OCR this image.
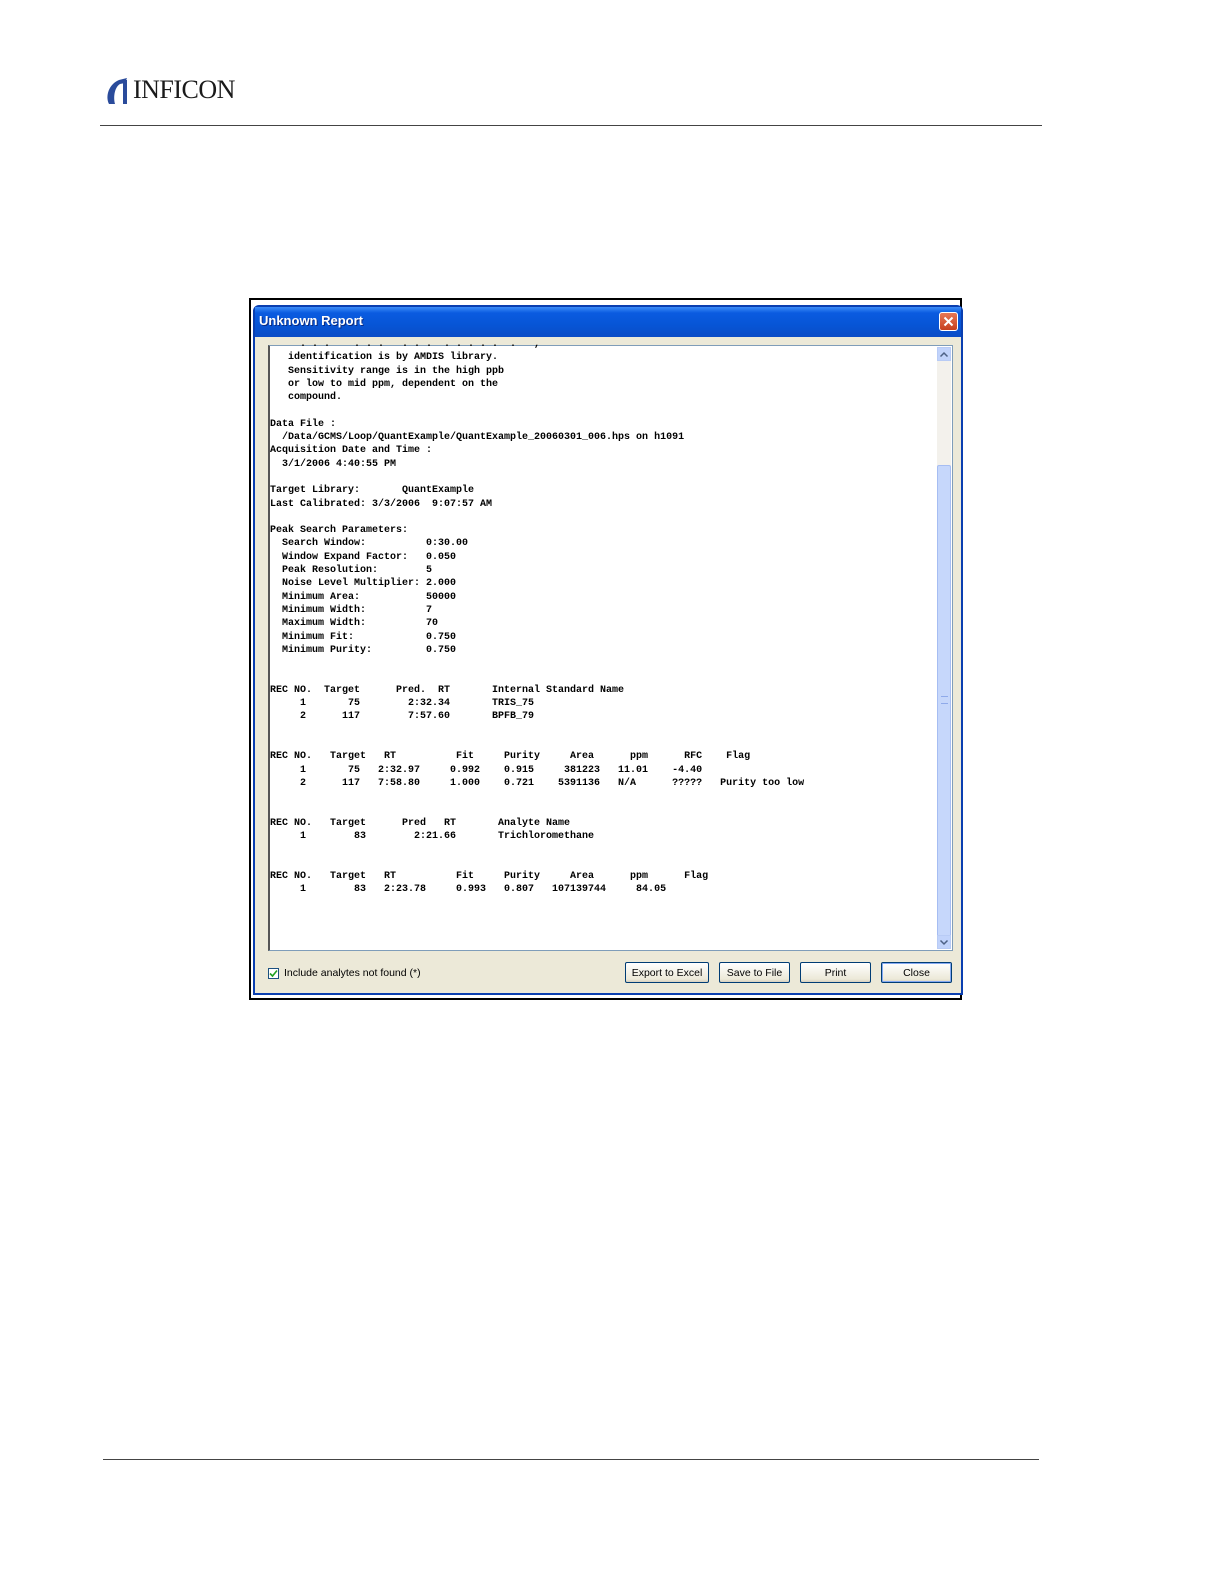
INFICON
Unknown Report
. . .    . . .   . . .  . . . . .  .   ,
identification is by AMDIS library.
Sensitivity range is in the high ppb
or low to mid ppm, dependent on the
compound.

Data File :
/Data/GCMS/Loop/QuantExample/QuantExample_20060301_006.hps on h1091
Acquisition Date and Time :
3/1/2006 4:40:55 PM

Target Library:       QuantExample
Last Calibrated: 3/3/2006  9:07:57 AM

Peak Search Parameters:
Search Window:          0:30.00
Window Expand Factor:   0.050
Peak Resolution:        5
Noise Level Multiplier: 2.000
Minimum Area:           50000
Minimum Width:          7
Maximum Width:          70
Minimum Fit:            0.750
Minimum Purity:         0.750

REC NO.  Target      Pred.  RT       Internal Standard Name
1       75        2:32.34       TRIS_75
2      117        7:57.60       BPFB_79

REC NO.   Target   RT          Fit     Purity     Area      ppm      RFC    Flag
1       75   2:32.97     0.992    0.915     381223   11.01    -4.40
2      117   7:58.80     1.000    0.721    5391136   N/A      ?????   Purity too low

REC NO.   Target      Pred   RT       Analyte Name
1        83        2:21.66       Trichloromethane

REC NO.   Target   RT          Fit     Purity     Area      ppm      Flag
1        83   2:23.78     0.993   0.807   107139744     84.05
Include analytes not found (*)	Export to Excel	Save to File	Print	Close
